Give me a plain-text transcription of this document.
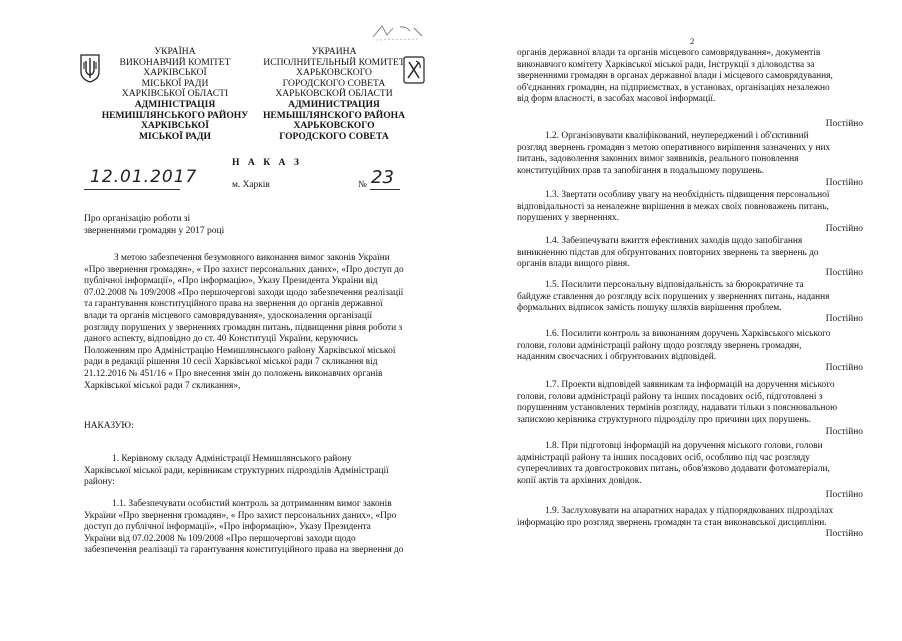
УКРАЇНА
ВИКОНАВЧИЙ КОМІТЕТ
ХАРКІВСЬКОЇ
МІСЬКОЇ РАДИ
ХАРКІВСЬКОЇ ОБЛАСТІ
АДМІНІСТРАЦІЯ
НЕМИШЛЯНСЬКОГО РАЙОНУ
ХАРКІВСЬКОЇ
МІСЬКОЇ РАДИ
УКРАИНА
ИСПОЛНИТЕЛЬНЫЙ КОМИТЕТ
ХАРЬКОВСКОГО
ГОРОДСКОГО СОВЕТА
ХАРЬКОВСКОЙ ОБЛАСТИ
АДМИНИСТРАЦИЯ
НЕМЫШЛЯНСКОГО РАЙОНА
ХАРЬКОВСКОГО
ГОРОДСКОГО СОВЕТА
Н А К А З
12.01.2017	м. Харків	№ 23
Про організацію роботи зі
зверненнями громадян у 2017 році
З метою забезпечення безумовного виконання вимог законів України
«Про звернення громадян», « Про захист персональних даних», «Про доступ до
публічної інформації», «Про інформацію», Указу Президента України від
07.02.2008 № 109/2008 «Про першочергові заходи щодо забезпечення реалізації
та гарантування конституційного права на звернення до органів державної
влади та органів місцевого самоврядування», удосконалення організації
розгляду порушених у зверненнях громадян питань, підвищення рівня роботи з
даного аспекту, відповідно до ст. 40 Конституції України, керуючись
Положенням про Адміністрацію Немишлянського району Харківської міської
ради в редакції рішення 10 сесії Харківської міської ради 7 скликання від
21.12.2016 № 451/16 « Про внесення змін до положень виконавчих органів
Харківської міської ради 7 скликання»,
НАКАЗУЮ:
1. Керівному складу Адміністрації Немишлянського району
Харківської міської ради, керівникам структурних підрозділів Адміністрації
району:
1.1. Забезпечувати особистий контроль за дотриманням вимог законів
України «Про звернення громадян», « Про захист персональних даних», «Про
доступ до публічної інформації», «Про інформацію», Указу Президента
України від 07.02.2008 № 109/2008 «Про першочергові заходи щодо
забезпечення реалізації та гарантування конституційного права на звернення до
2
органів державної влади та органів місцевого самоврядування», документів
виконавчого комітету Харківської міської ради, Інструкції з діловодства за
зверненнями громадян в органах державної влади і місцевого самоврядування,
об'єднаннях громадян, на підприємствах, в установах, організаціях незалежно
від форм власності, в засобах масової інформації.
Постійно
1.2. Організовувати кваліфікований, неупереджений і об'єктивний
розгляд звернень громадян з метою оперативного вирішення зазначених у них
питань, задоволення законних вимог заявників, реального поновлення
конституційних прав та запобігання в подальшому порушень.
Постійно
1.3. Звертати особливу увагу на необхідність підвищення персональної
відповідальності за неналежне вирішення в межах своїх повноважень питань,
порушених у зверненнях.
Постійно
1.4. Забезпечувати вжиття ефективних заходів щодо запобігання
виникненню підстав для обґрунтованих повторних звернень та звернень до
органів влади вищого рівня.
Постійно
1.5. Посилити персональну відповідальність за бюрократичне та
байдуже ставлення до розгляду всіх порушених у зверненнях питань, надання
формальних відписок замість пошуку шляхів вирішення проблем.
Постійно
1.6. Посилити контроль за виконанням доручень Харківського міського
голови, голови адміністрації району щодо розгляду звернень громадян,
наданням своєчасних і обґрунтованих відповідей.
Постійно
1.7. Проекти відповідей заявникам та інформацій на доручення міського
голови, голови адміністрації району та інших посадових осіб, підготовлені з
порушенням установлених термінів розгляду, надавати тільки з пояснювальною
запискою керівника структурного підрозділу про причини цих порушень.
Постійно
1.8. При підготовці інформацій на доручення міського голови, голови
адміністрації району та інших посадових осіб, особливо під час розгляду
суперечливих та довгострокових питань, обов'язково додавати фотоматеріали,
копії актів та архівних довідок.
Постійно
1.9. Заслуховувати на апаратних нарадах у підпорядкованих підрозділах
інформацію про розгляд звернень громадян та стан виконавської дисципліни.
Постійно
